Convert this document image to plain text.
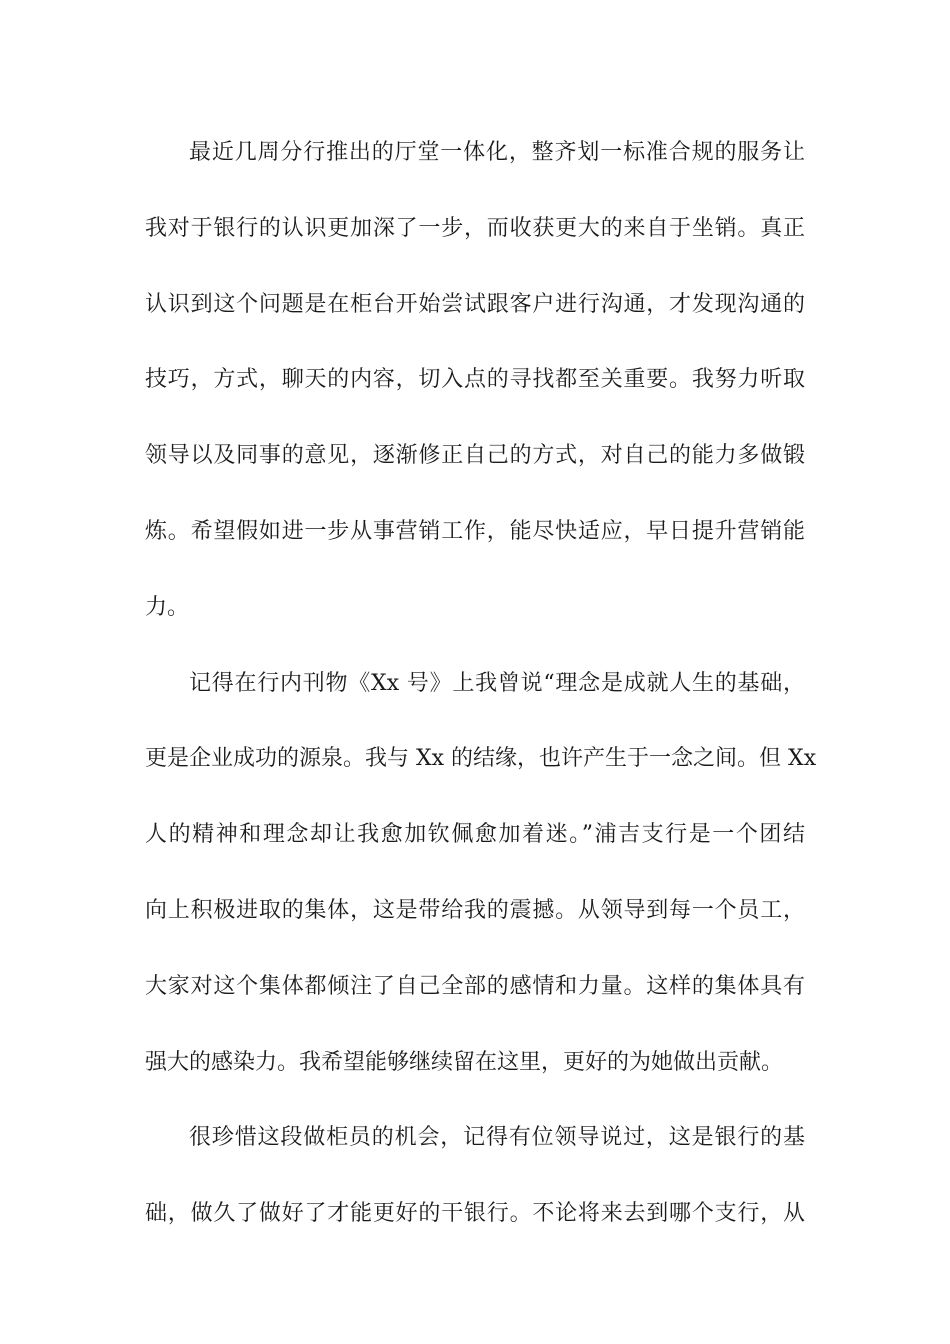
最近几周分行推出的厅堂一体化，整齐划一标准合规的服务让
我对于银行的认识更加深了一步，而收获更大的来自于坐销。真正
认识到这个问题是在柜台开始尝试跟客户进行沟通，才发现沟通的
技巧，方式，聊天的内容，切入点的寻找都至关重要。我努力听取
领导以及同事的意见，逐渐修正自己的方式，对自己的能力多做锻
炼。希望假如进一步从事营销工作，能尽快适应，早日提升营销能
力。
记得在行内刊物《Xx 号》上我曾说“理念是成就人生的基础，
更是企业成功的源泉。我与 Xx 的结缘，也许产生于一念之间。但 Xx
人的精神和理念却让我愈加钦佩愈加着迷。”浦吉支行是一个团结
向上积极进取的集体，这是带给我的震撼。从领导到每一个员工，
大家对这个集体都倾注了自己全部的感情和力量。这样的集体具有
强大的感染力。我希望能够继续留在这里，更好的为她做出贡献。
很珍惜这段做柜员的机会，记得有位领导说过，这是银行的基
础，做久了做好了才能更好的干银行。不论将来去到哪个支行，从
